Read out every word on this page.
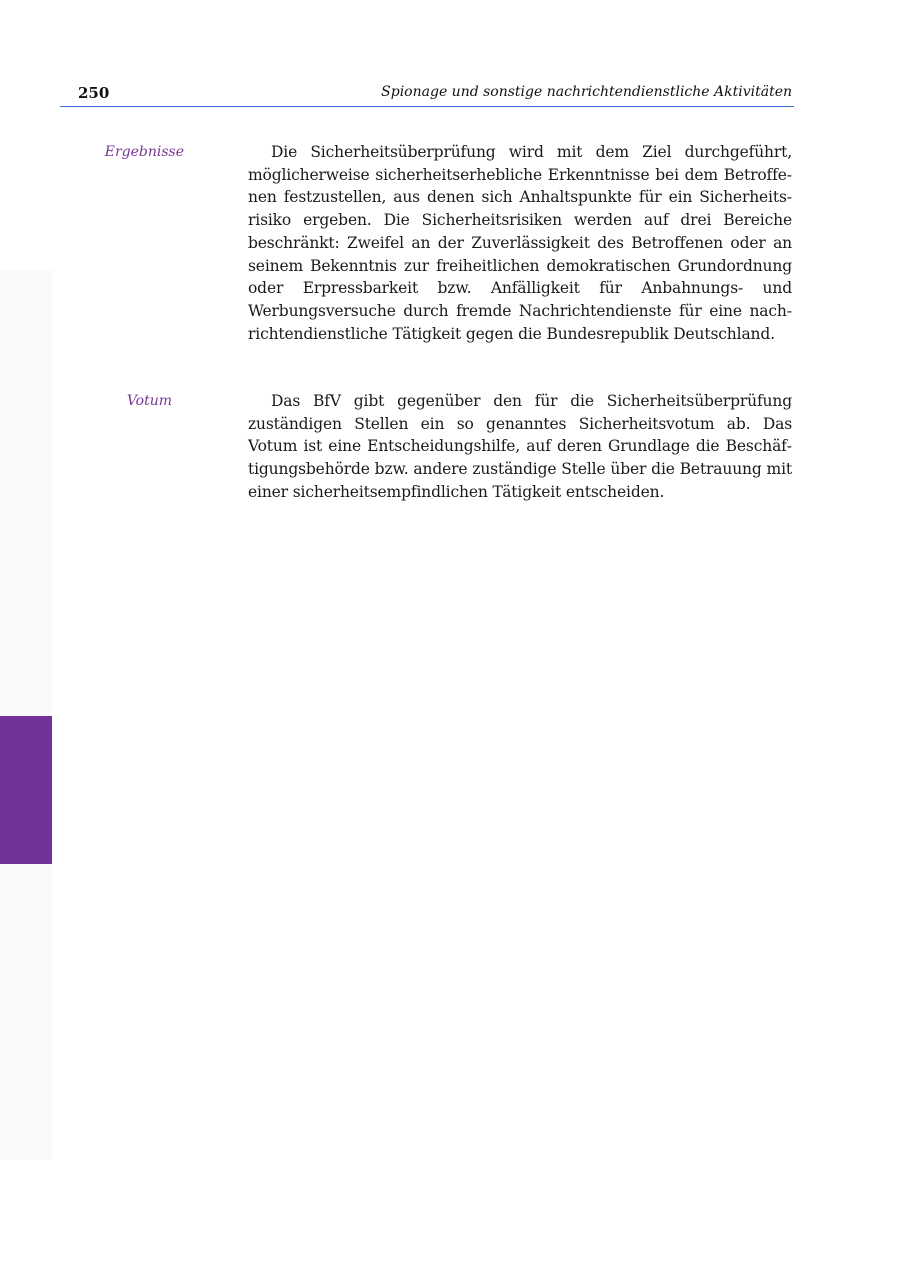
250	Spionage und sonstige nachrichtendienstliche Aktivitäten
Ergebnisse	Die Sicherheitsüberprüfung wird mit dem Ziel durchgeführt, möglicherweise sicherheitserhebliche Erkenntnisse bei dem Betroffenen festzustellen, aus denen sich Anhaltspunkte für ein Sicherheitsrisiko ergeben. Die Sicherheitsrisiken werden auf drei Bereiche beschränkt: Zweifel an der Zuverlässigkeit des Betroffenen oder an seinem Bekenntnis zur freiheitlichen demokratischen Grundordnung oder Erpressbarkeit bzw. Anfälligkeit für Anbahnungs- und Werbungsversuche durch fremde Nachrichtendienste für eine nachrichtendienstliche Tätigkeit gegen die Bundesrepublik Deutschland.

Votum	Das BfV gibt gegenüber den für die Sicherheitsüberprüfung zuständigen Stellen ein so genanntes Sicherheitsvotum ab. Das Votum ist eine Entscheidungshilfe, auf deren Grundlage die Beschäftigungsbehörde bzw. andere zuständige Stelle über die Betrauung mit einer sicherheitsempfindlichen Tätigkeit entscheiden.
